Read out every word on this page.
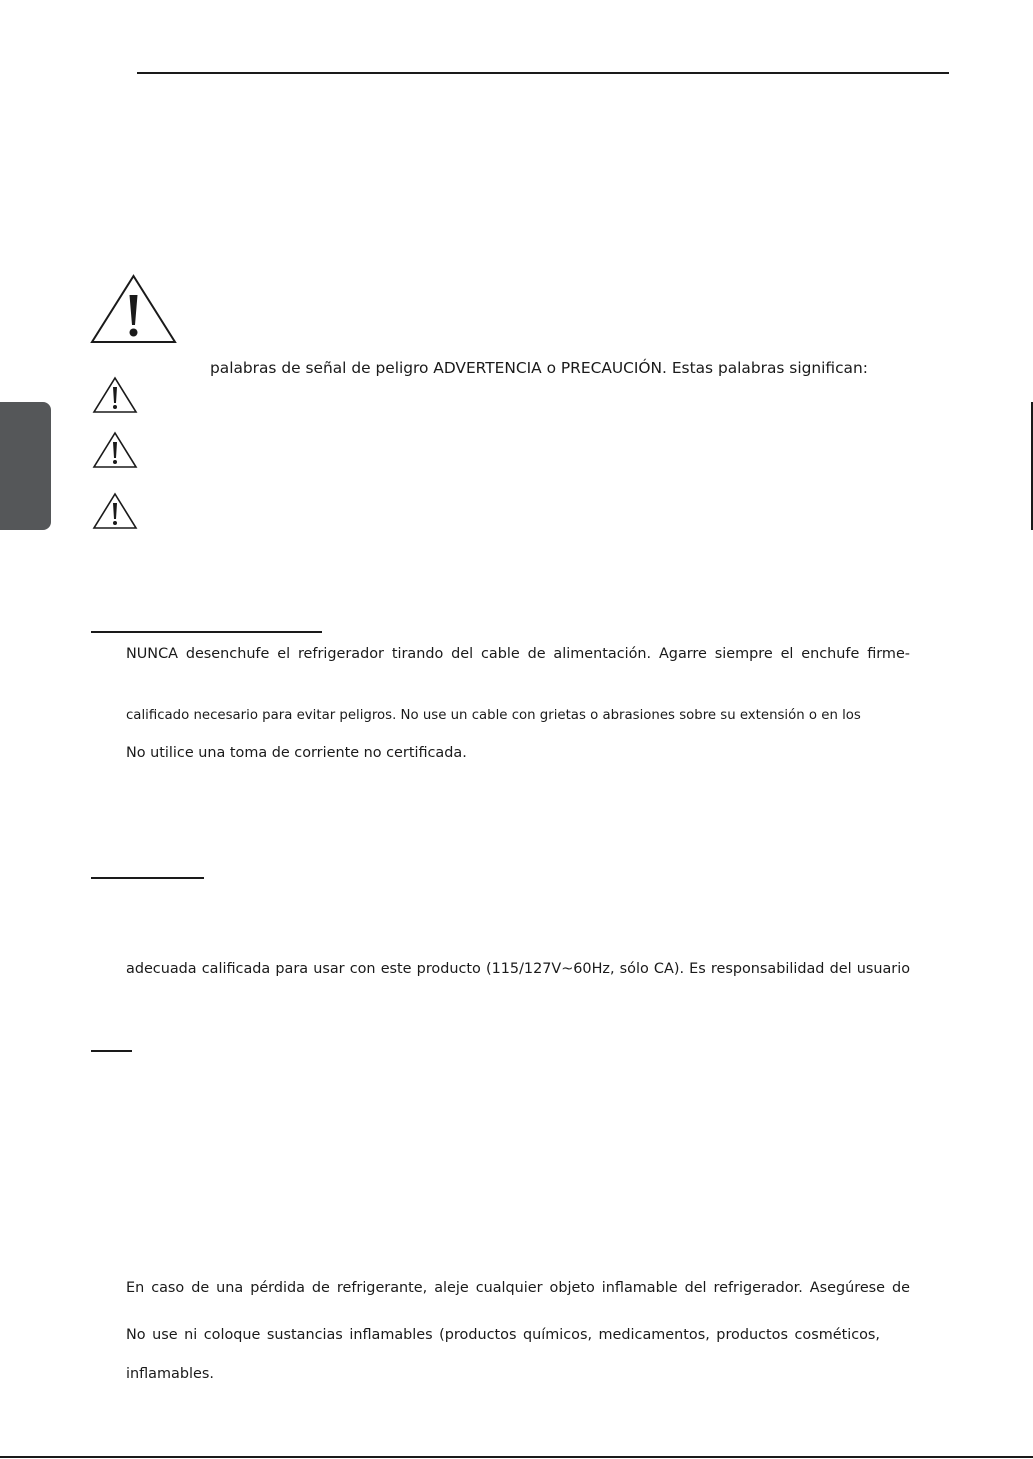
palabras de señal de peligro ADVERTENCIA o PRECAUCIÓN. Estas palabras significan:

NUNCA desenchufe el refrigerador tirando del cable de alimentación. Agarre siempre el enchufe firme-

calificado necesario para evitar peligros. No use un cable con grietas o abrasiones sobre su extensión o en los

No utilice una toma de corriente no certificada.

adecuada calificada para usar con este producto (115/127V~60Hz, sólo CA). Es responsabilidad del usuario

En caso de una pérdida de refrigerante, aleje cualquier objeto inflamable del refrigerador. Asegúrese de

No use ni coloque sustancias inflamables (productos químicos, medicamentos, productos cosméticos,

inflamables.
